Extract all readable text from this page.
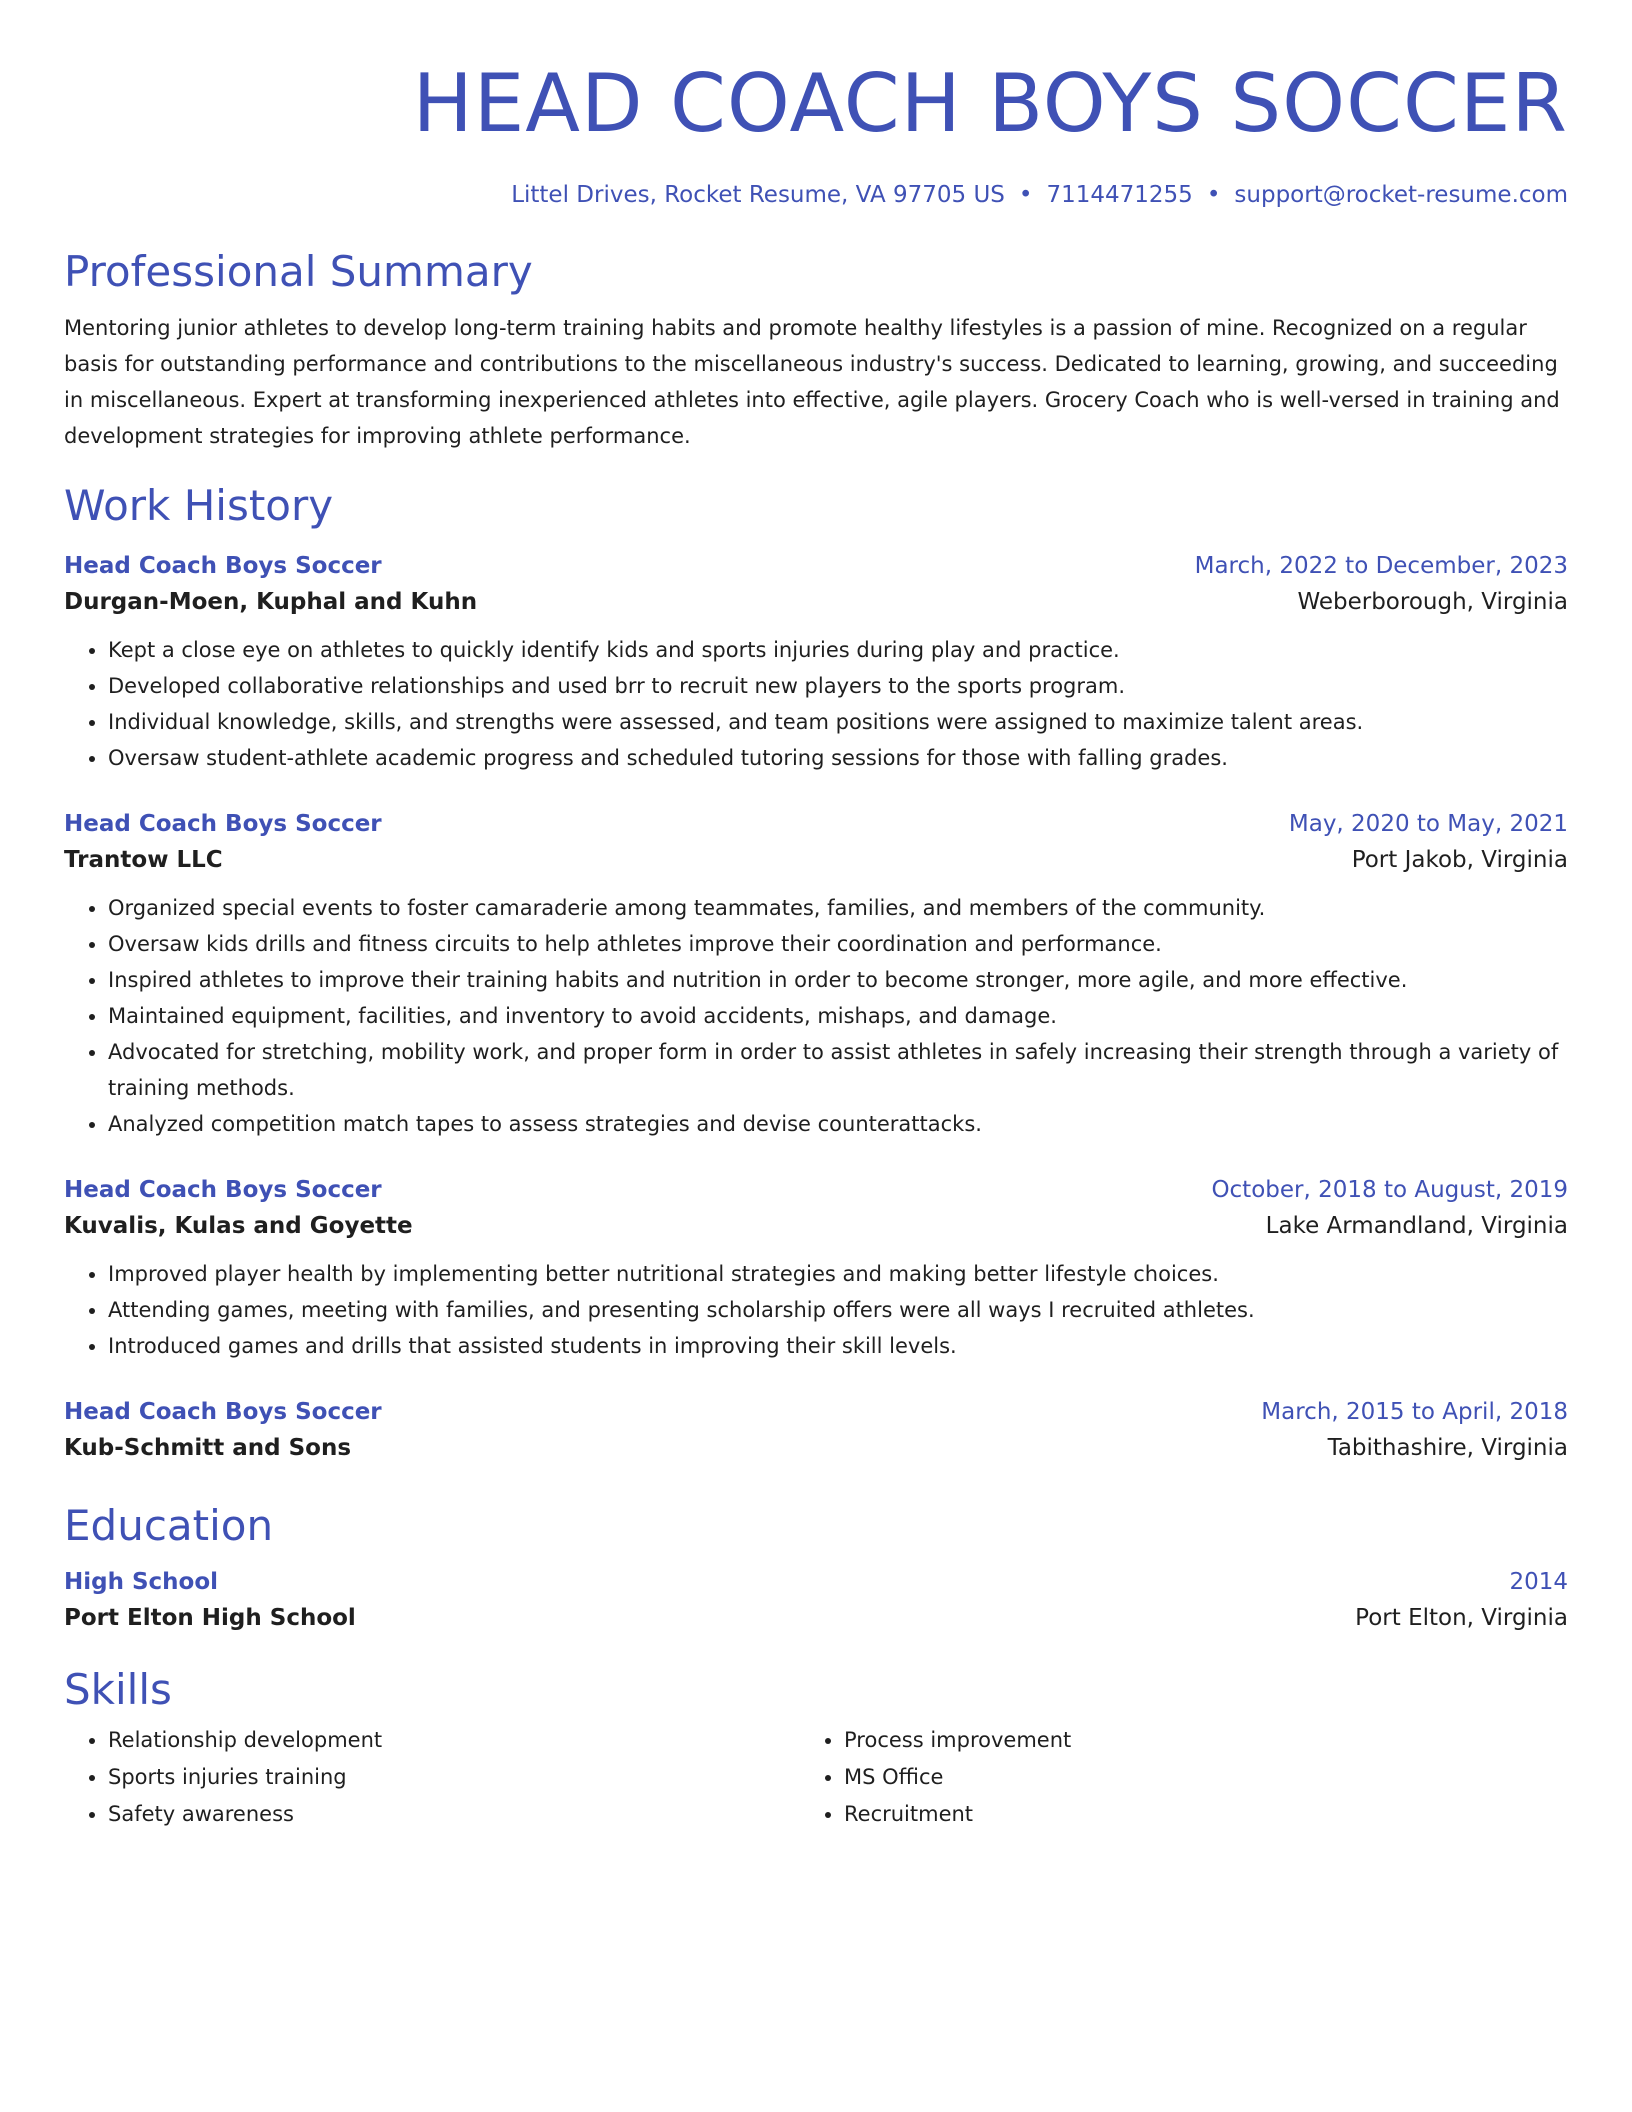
HEAD COACH BOYS SOCCER
Littel Drives, Rocket Resume, VA 97705 US • 7114471255 • support@rocket-resume.com
Professional Summary
Mentoring junior athletes to develop long-term training habits and promote healthy lifestyles is a passion of mine. Recognized on a regular basis for outstanding performance and contributions to the miscellaneous industry's success. Dedicated to learning, growing, and succeeding in miscellaneous. Expert at transforming inexperienced athletes into effective, agile players. Grocery Coach who is well-versed in training and development strategies for improving athlete performance.
Work History
Head Coach Boys Soccer	March, 2022 to December, 2023
Durgan-Moen, Kuphal and Kuhn	Weberborough, Virginia
• Kept a close eye on athletes to quickly identify kids and sports injuries during play and practice.
• Developed collaborative relationships and used brr to recruit new players to the sports program.
• Individual knowledge, skills, and strengths were assessed, and team positions were assigned to maximize talent areas.
• Oversaw student-athlete academic progress and scheduled tutoring sessions for those with falling grades.
Head Coach Boys Soccer	May, 2020 to May, 2021
Trantow LLC	Port Jakob, Virginia
• Organized special events to foster camaraderie among teammates, families, and members of the community.
• Oversaw kids drills and fitness circuits to help athletes improve their coordination and performance.
• Inspired athletes to improve their training habits and nutrition in order to become stronger, more agile, and more effective.
• Maintained equipment, facilities, and inventory to avoid accidents, mishaps, and damage.
• Advocated for stretching, mobility work, and proper form in order to assist athletes in safely increasing their strength through a variety of training methods.
• Analyzed competition match tapes to assess strategies and devise counterattacks.
Head Coach Boys Soccer	October, 2018 to August, 2019
Kuvalis, Kulas and Goyette	Lake Armandland, Virginia
• Improved player health by implementing better nutritional strategies and making better lifestyle choices.
• Attending games, meeting with families, and presenting scholarship offers were all ways I recruited athletes.
• Introduced games and drills that assisted students in improving their skill levels.
Head Coach Boys Soccer	March, 2015 to April, 2018
Kub-Schmitt and Sons	Tabithashire, Virginia
Education
High School	2014
Port Elton High School	Port Elton, Virginia
Skills
• Relationship development
• Sports injuries training
• Safety awareness
• Process improvement
• MS Office
• Recruitment
